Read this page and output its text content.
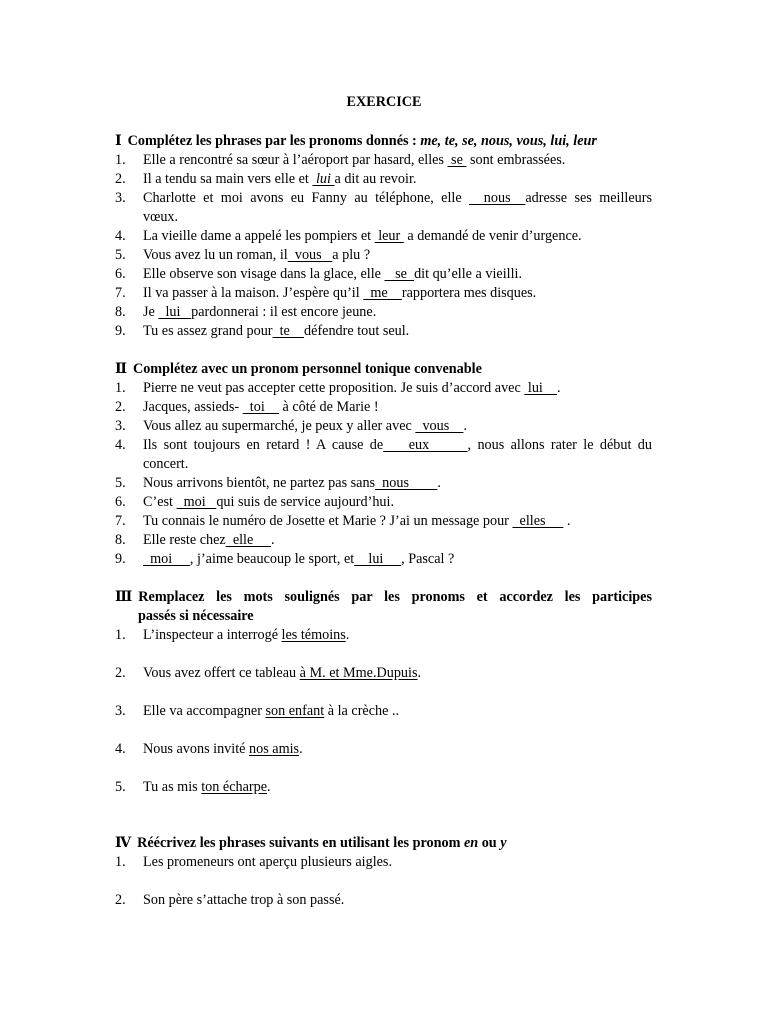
EXERCICE
Ⅰ Complétez les phrases par les pronoms donnés : me, te, se, nous, vous, lui, leur
1. Elle a rencontré sa sœur à l’aéroport par hasard, elles  se  sont embrassées.
2. Il a tendu sa main vers elle et  lui a dit au revoir.
3. Charlotte et moi avons eu Fanny au téléphone, elle   nous  adresse ses meilleurs
vœux.
4. La vieille dame a appelé les pompiers et  leur  a demandé de venir d’urgence.
5. Vous avez lu un roman, il  vous   a plu ?
6. Elle observe son visage dans la glace, elle    se  dit qu’elle a vieilli.
7. Il va passer à la maison. J’espère qu’il   me    rapportera mes disques.
8. Je   lui   pardonnerai : il est encore jeune.
9. Tu es assez grand pour  te    défendre tout seul.
Ⅱ Complétez avec un pronom personnel tonique convenable
1. Pierre ne veut pas accepter cette proposition. Je suis d’accord avec  lui    .
2. Jacques, assieds-   toi     à côté de Marie !
3. Vous allez au supermarché, je peux y aller avec   vous    .
4. Ils sont toujours en retard ! A cause de    eux      , nous allons rater le début du
concert.
5. Nous arrivons bientôt, ne partez pas sans  nous        .
6. C’est   moi   qui suis de service aujourd’hui.
7. Tu connais le numéro de Josette et Marie ? J’ai un message pour   elles      .
8. Elle reste chez  elle     .
9. moi     , j’aime beaucoup le sport, et    lui     , Pascal ?
Ⅲ Remplacez les mots soulignés par les pronoms et accordez les participes
passés si nécessaire
1. L’inspecteur a interrogé les témoins.
2. Vous avez offert ce tableau à M. et Mme.Dupuis.
3. Elle va accompagner son enfant à la crèche ..
4. Nous avons invité nos amis.
5. Tu as mis ton écharpe.
Ⅳ Réécrivez les phrases suivants en utilisant les pronom en ou y
1. Les promeneurs ont aperçu plusieurs aigles.
2. Son père s’attache trop à son passé.
